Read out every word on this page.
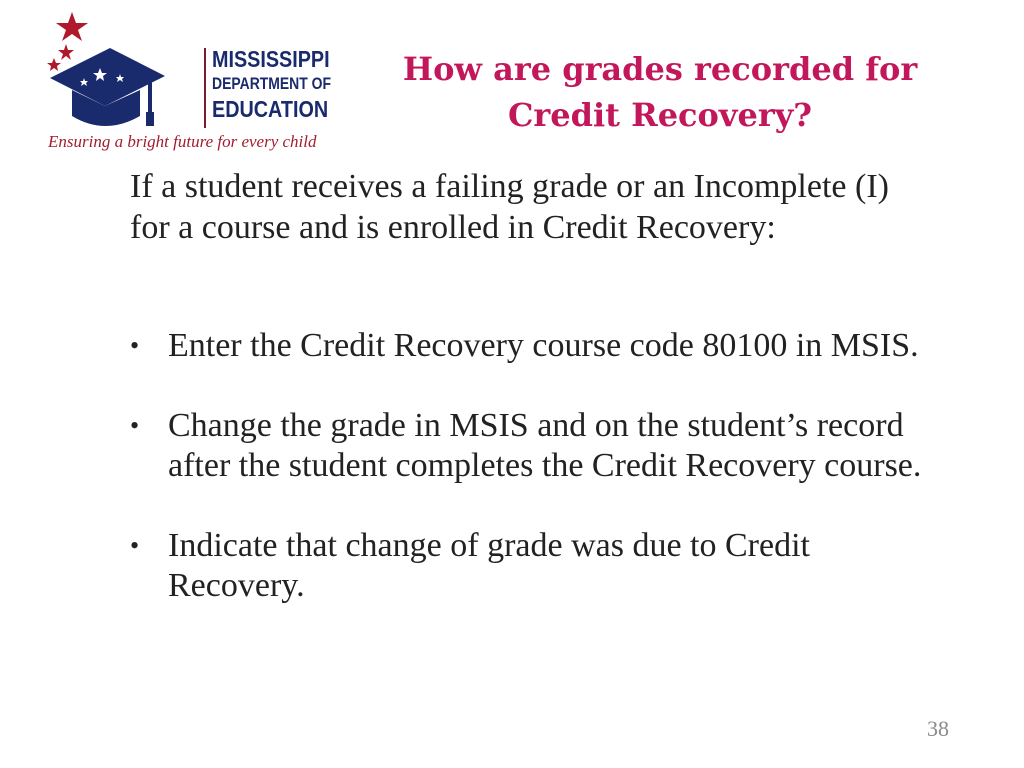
MISSISSIPPI
DEPARTMENT OF
EDUCATION
Ensuring a bright future for every child
How are grades recorded for
Credit Recovery?
If a student receives a failing grade or an Incomplete (I) for a course and is enrolled in Credit Recovery:
• Enter the Credit Recovery course code 80100 in MSIS.
• Change the grade in MSIS and on the student’s record after the student completes the Credit Recovery course.
• Indicate that change of grade was due to Credit Recovery.
38
